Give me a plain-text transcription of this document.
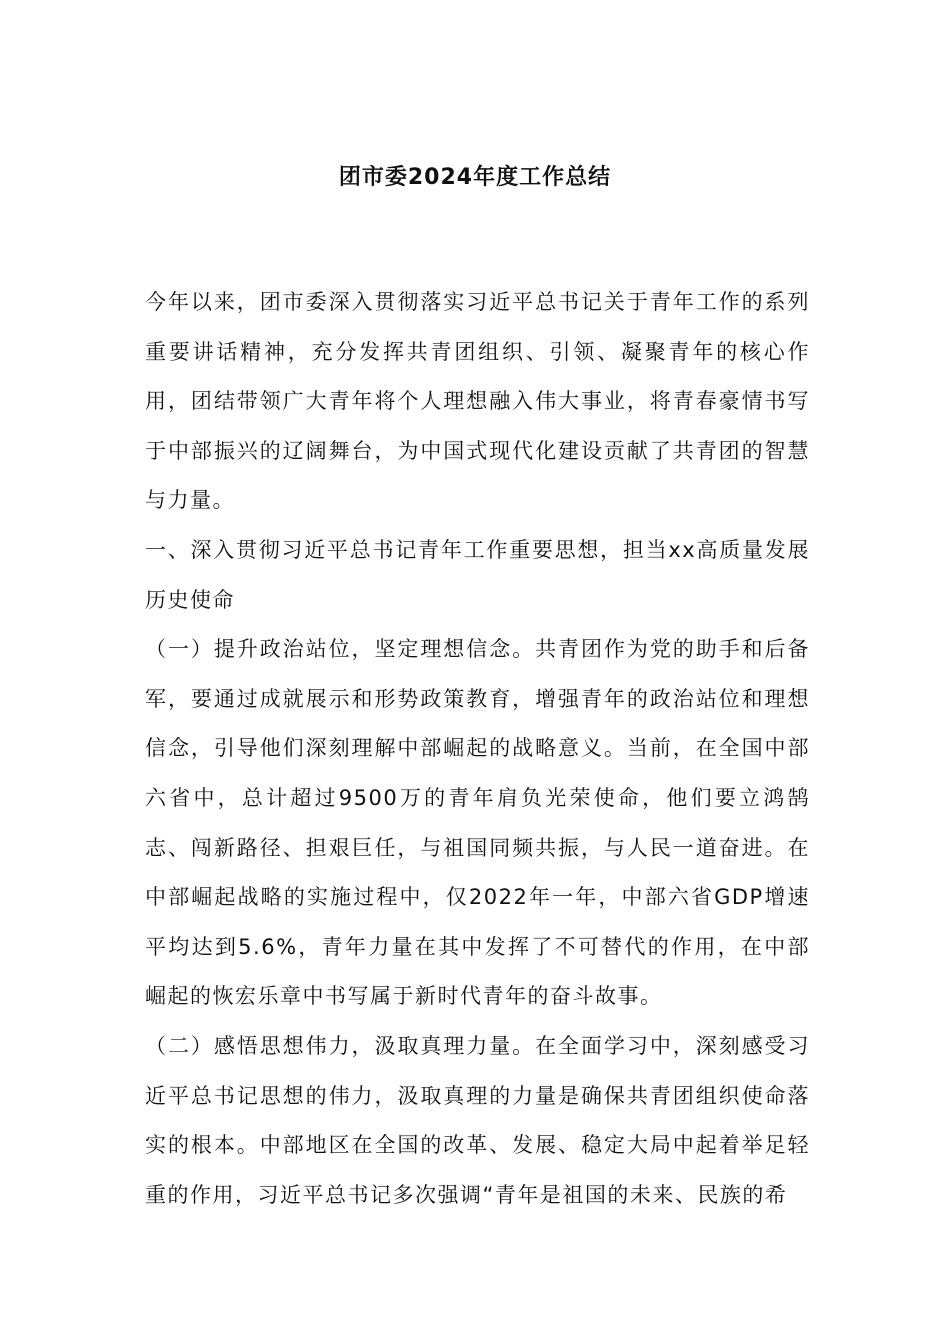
团市委2024年度工作总结

今年以来，团市委深入贯彻落实习近平总书记关于青年工作的系列重要讲话精神，充分发挥共青团组织、引领、凝聚青年的核心作用，团结带领广大青年将个人理想融入伟大事业，将青春豪情书写于中部振兴的辽阔舞台，为中国式现代化建设贡献了共青团的智慧与力量。

一、深入贯彻习近平总书记青年工作重要思想，担当xx高质量发展历史使命

（一）提升政治站位，坚定理想信念。共青团作为党的助手和后备军，要通过成就展示和形势政策教育，增强青年的政治站位和理想信念，引导他们深刻理解中部崛起的战略意义。当前，在全国中部六省中，总计超过9500万的青年肩负光荣使命，他们要立鸿鹄志、闯新路径、担艰巨任，与祖国同频共振，与人民一道奋进。在中部崛起战略的实施过程中，仅2022年一年，中部六省GDP增速平均达到5.6%，青年力量在其中发挥了不可替代的作用，在中部崛起的恢宏乐章中书写属于新时代青年的奋斗故事。

（二）感悟思想伟力，汲取真理力量。在全面学习中，深刻感受习近平总书记思想的伟力，汲取真理的力量是确保共青团组织使命落实的根本。中部地区在全国的改革、发展、稳定大局中起着举足轻重的作用，习近平总书记多次强调“青年是祖国的未来、民族的希
